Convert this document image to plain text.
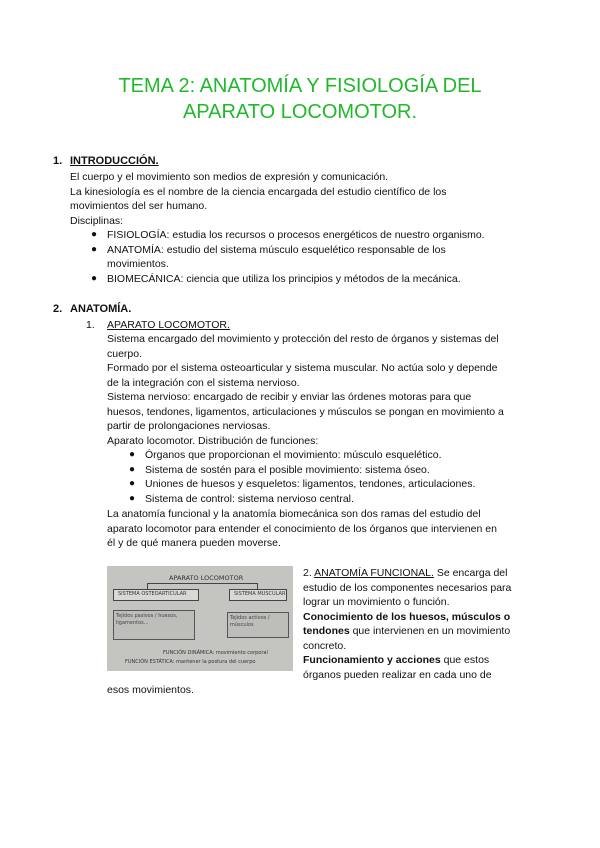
TEMA 2: ANATOMÍA Y FISIOLOGÍA DEL
APARATO LOCOMOTOR.
1. INTRODUCCIÓN.
El cuerpo y el movimiento son medios de expresión y comunicación.
La kinesiología es el nombre de la ciencia encargada del estudio científico de los
movimientos del ser humano.
Disciplinas:
● FISIOLOGÍA: estudia los recursos o procesos energéticos de nuestro organismo.
● ANATOMÍA: estudio del sistema músculo esquelético responsable de los
movimientos.
● BIOMECÁNICA: ciencia que utiliza los principios y métodos de la mecánica.
2. ANATOMÍA.
1. APARATO LOCOMOTOR.
Sistema encargado del movimiento y protección del resto de órganos y sistemas del
cuerpo.
Formado por el sistema osteoarticular y sistema muscular. No actúa solo y depende
de la integración con el sistema nervioso.
Sistema nervioso: encargado de recibir y enviar las órdenes motoras para que
huesos, tendones, ligamentos, articulaciones y músculos se pongan en movimiento a
partir de prolongaciones nerviosas.
Aparato locomotor. Distribución de funciones:
● Órganos que proporcionan el movimiento: músculo esquelético.
● Sistema de sostén para el posible movimiento: sistema óseo.
● Uniones de huesos y esqueletos: ligamentos, tendones, articulaciones.
● Sistema de control: sistema nervioso central.
La anatomía funcional y la anatomía biomecánica son dos ramas del estudio del
aparato locomotor para entender el conocimiento de los órganos que intervienen en
él y de qué manera pueden moverse.
APARATO LOCOMOTOR
SISTEMA OSTEOARTICULAR	SISTEMA MUSCULAR
Tejidos pasivos / huesos, ligamentos...
Tejidos activos / músculos
FUNCIÓN DINÁMICA: movimiento corporal
FUNCIÓN ESTÁTICA: mantener la postura del cuerpo
2. ANATOMÍA FUNCIONAL. Se encarga del
estudio de los componentes necesarios para
lograr un movimiento o función.
Conocimiento de los huesos, músculos o
tendones que intervienen en un movimiento
concreto.
Funcionamiento y acciones que estos
órganos pueden realizar en cada uno de
esos movimientos.
